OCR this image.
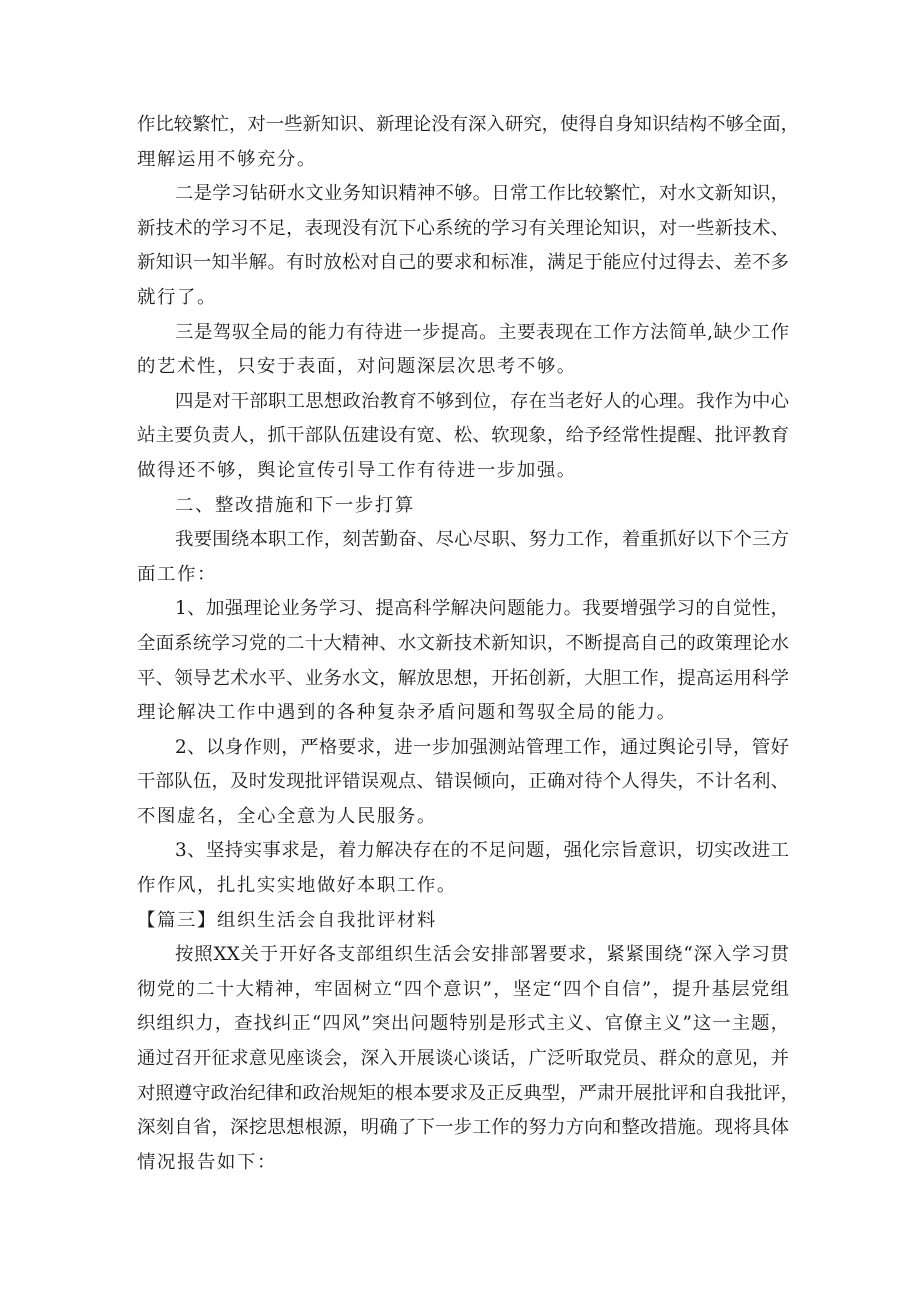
作比较繁忙，对一些新知识、新理论没有深入研究，使得自身知识结构不够全面，
理解运用不够充分。
二是学习钻研水文业务知识精神不够。日常工作比较繁忙，对水文新知识，
新技术的学习不足，表现没有沉下心系统的学习有关理论知识，对一些新技术、
新知识一知半解。有时放松对自己的要求和标准，满足于能应付过得去、差不多
就行了。
三是驾驭全局的能力有待进一步提高。主要表现在工作方法简单,缺少工作
的艺术性，只安于表面，对问题深层次思考不够。
四是对干部职工思想政治教育不够到位，存在当老好人的心理。我作为中心
站主要负责人，抓干部队伍建设有宽、松、软现象，给予经常性提醒、批评教育
做得还不够，舆论宣传引导工作有待进一步加强。
二、整改措施和下一步打算
我要围绕本职工作，刻苦勤奋、尽心尽职、努力工作，着重抓好以下个三方
面工作：
1、加强理论业务学习、提高科学解决问题能力。我要增强学习的自觉性，
全面系统学习党的二十大精神、水文新技术新知识，不断提高自己的政策理论水
平、领导艺术水平、业务水文，解放思想，开拓创新，大胆工作，提高运用科学
理论解决工作中遇到的各种复杂矛盾问题和驾驭全局的能力。
2、以身作则，严格要求，进一步加强测站管理工作，通过舆论引导，管好
干部队伍，及时发现批评错误观点、错误倾向，正确对待个人得失，不计名利、
不图虚名，全心全意为人民服务。
3、坚持实事求是，着力解决存在的不足问题，强化宗旨意识，切实改进工
作作风，扎扎实实地做好本职工作。
【篇三】组织生活会自我批评材料
按照XX关于开好各支部组织生活会安排部署要求，紧紧围绕“深入学习贯
彻党的二十大精神，牢固树立“四个意识”，坚定“四个自信”，提升基层党组
织组织力，查找纠正“四风”突出问题特别是形式主义、官僚主义”这一主题，
通过召开征求意见座谈会，深入开展谈心谈话，广泛听取党员、群众的意见，并
对照遵守政治纪律和政治规矩的根本要求及正反典型，严肃开展批评和自我批评，
深刻自省，深挖思想根源，明确了下一步工作的努力方向和整改措施。现将具体
情况报告如下：
